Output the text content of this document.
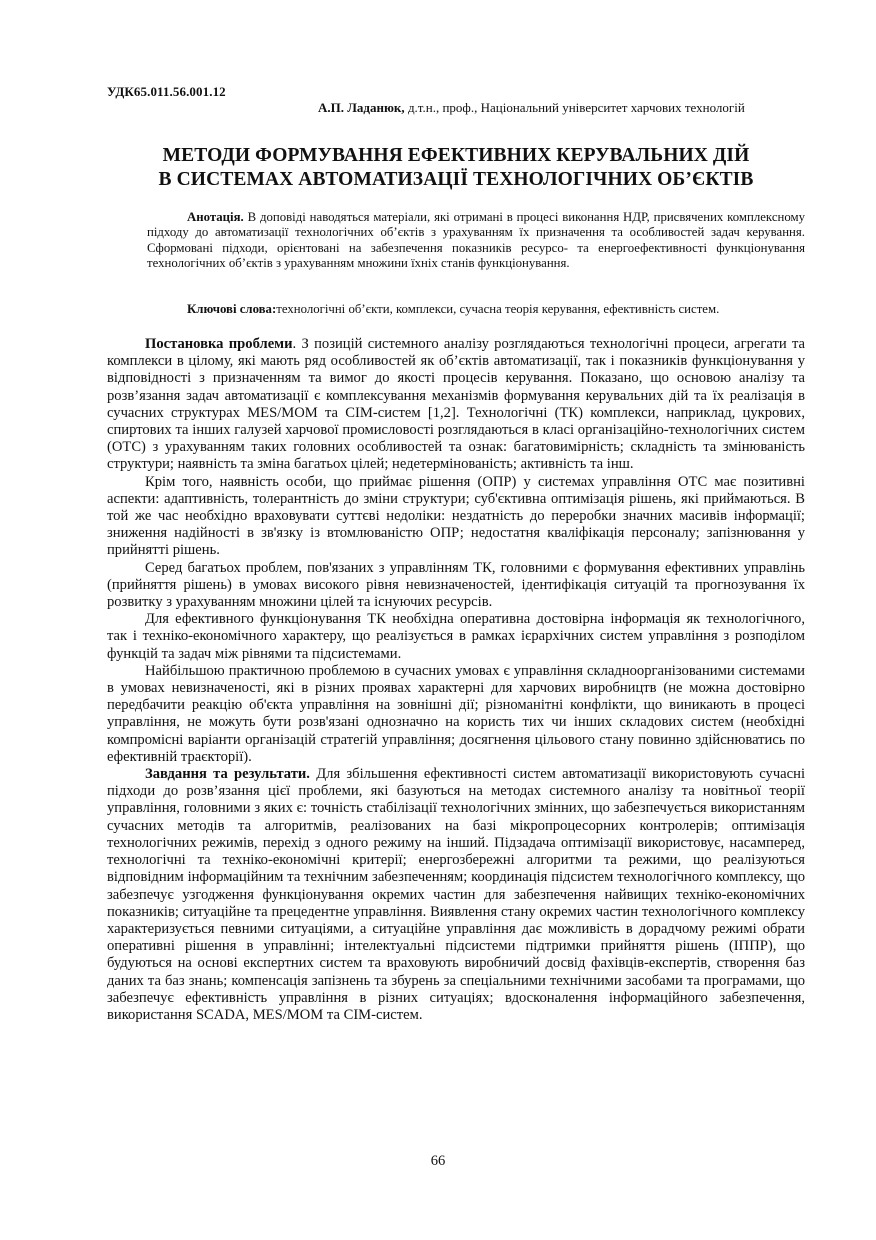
УДК65.011.56.001.12
А.П. Ладанюк, д.т.н., проф., Національний університет харчових технологій
МЕТОДИ ФОРМУВАННЯ ЕФЕКТИВНИХ КЕРУВАЛЬНИХ ДІЙ
В СИСТЕМАХ АВТОМАТИЗАЦІЇ ТЕХНОЛОГІЧНИХ ОБ’ЄКТІВ
Анотація. В доповіді наводяться матеріали, які отримані в процесі виконання НДР, присвячених комплексному підходу до автоматизації технологічних об’єктів з урахуванням їх призначення та особливостей задач керування. Сформовані підходи, орієнтовані на забезпечення показників ресурсо- та енергоефективності функціонування технологічних об’єктів з урахуванням множини їхніх станів функціонування.
Ключові слова:технологічні об’єкти, комплекси, сучасна теорія керування, ефективність систем.

Постановка проблеми. З позицій системного аналізу розглядаються технологічні процеси, агрегати та комплекси в цілому, які мають ряд особливостей як об’єктів автоматизації, так і показників функціонування у відповідності з призначенням та вимог до якості процесів керування. Показано, що основою аналізу та розв’язання задач автоматизації є комплексування механізмів формування керувальних дій та їх реалізація в сучасних структурах MES/MOM та CIM-систем [1,2]. Технологічні (ТК) комплекси, наприклад, цукрових, спиртових та інших галузей харчової промисловості розглядаються в класі організаційно-технологічних систем (ОТС) з урахуванням таких головних особливостей та ознак: багатовимірність; складність та змінюваність структури; наявність та зміна багатьох цілей; недетермінованість; активність та інш.

Крім того, наявність особи, що приймає рішення (ОПР) у системах управління ОТС має позитивні аспекти: адаптивність, толерантність до зміни структури; суб'єктивна оптимізація рішень, які приймаються. В той же час необхідно враховувати суттєві недоліки: нездатність до переробки значних масивів інформації; зниження надійності в зв'язку із втомлюваністю ОПР; недостатня кваліфікація персоналу; запізнювання у прийнятті рішень.

Серед багатьох проблем, пов'язаних з управлінням ТК, головними є формування ефективних управлінь (прийняття рішень) в умовах високого рівня невизначеностей, ідентифікація ситуацій та прогнозування їх розвитку з урахуванням множини цілей та існуючих ресурсів.

Для ефективного функціонування ТК необхідна оперативна достовірна інформація як технологічного, так і техніко-економічного характеру, що реалізується в рамках ієрархічних систем управління з розподілом функцій та задач між рівнями та підсистемами.

Найбільшою практичною проблемою в сучасних умовах є управління складноорганізованими системами в умовах невизначеності, які в різних проявах характерні для харчових виробництв (не можна достовірно передбачити реакцію об'єкта управління на зовнішні дії; різноманітні конфлікти, що виникають в процесі управління, не можуть бути розв'язані однозначно на користь тих чи інших складових систем (необхідні компромісні варіанти організацій стратегій управління; досягнення цільового стану повинно здійснюватись по ефективній траєкторії).

Завдання та результати. Для збільшення ефективності систем автоматизації використовують сучасні підходи до розв’язання цієї проблеми, які базуються на методах системного аналізу та новітньої теорії управління, головними з яких є: точність стабілізації технологічних змінних, що забезпечується використанням сучасних методів та алгоритмів, реалізованих на базі мікропроцесорних контролерів; оптимізація технологічних режимів, перехід з одного режиму на інший. Підзадача оптимізації використовує, насамперед, технологічні та техніко-економічні критерії; енергозбережні алгоритми та режими, що реалізуються відповідним інформаційним та технічним забезпеченням; координація підсистем технологічного комплексу, що забезпечує узгодження функціонування окремих частин для забезпечення найвищих техніко-економічних показників; ситуаційне та прецедентне управління. Виявлення стану окремих частин технологічного комплексу характеризується певними ситуаціями, а ситуаційне управління дає можливість в дорадчому режимі обрати оперативні рішення в управлінні; інтелектуальні підсистеми підтримки прийняття рішень (ІППР), що будуються на основі експертних систем та враховують виробничий досвід фахівців-експертів, створення баз даних та баз знань; компенсація запізнень та збурень за спеціальними технічними засобами та програмами, що забезпечує ефективність управління в різних ситуаціях; вдосконалення інформаційного забезпечення, використання SCADA, MES/MOM та CIM-систем.

66
